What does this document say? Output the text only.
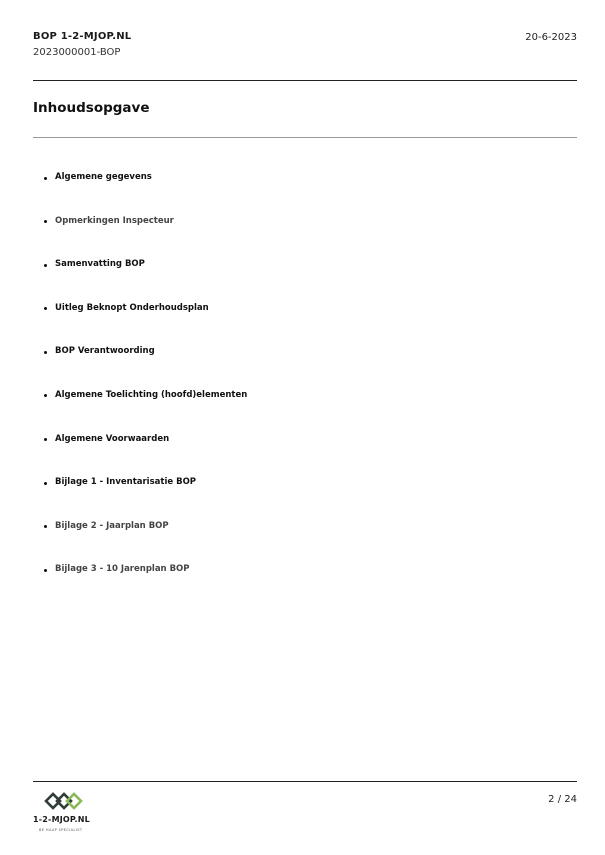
BOP 1-2-MJOP.NL
2023000001-BOP
20-6-2023
Inhoudsopgave
Algemene gegevens
Opmerkingen Inspecteur
Samenvatting BOP
Uitleg Beknopt Onderhoudsplan
BOP Verantwoording
Algemene Toelichting (hoofd)elementen
Algemene Voorwaarden
Bijlage 1 - Inventarisatie BOP
Bijlage 2 - Jaarplan BOP
Bijlage 3 - 10 Jarenplan BOP
1-2-MJOP.NL
BE HAAP SPECIALIST
2 / 24
